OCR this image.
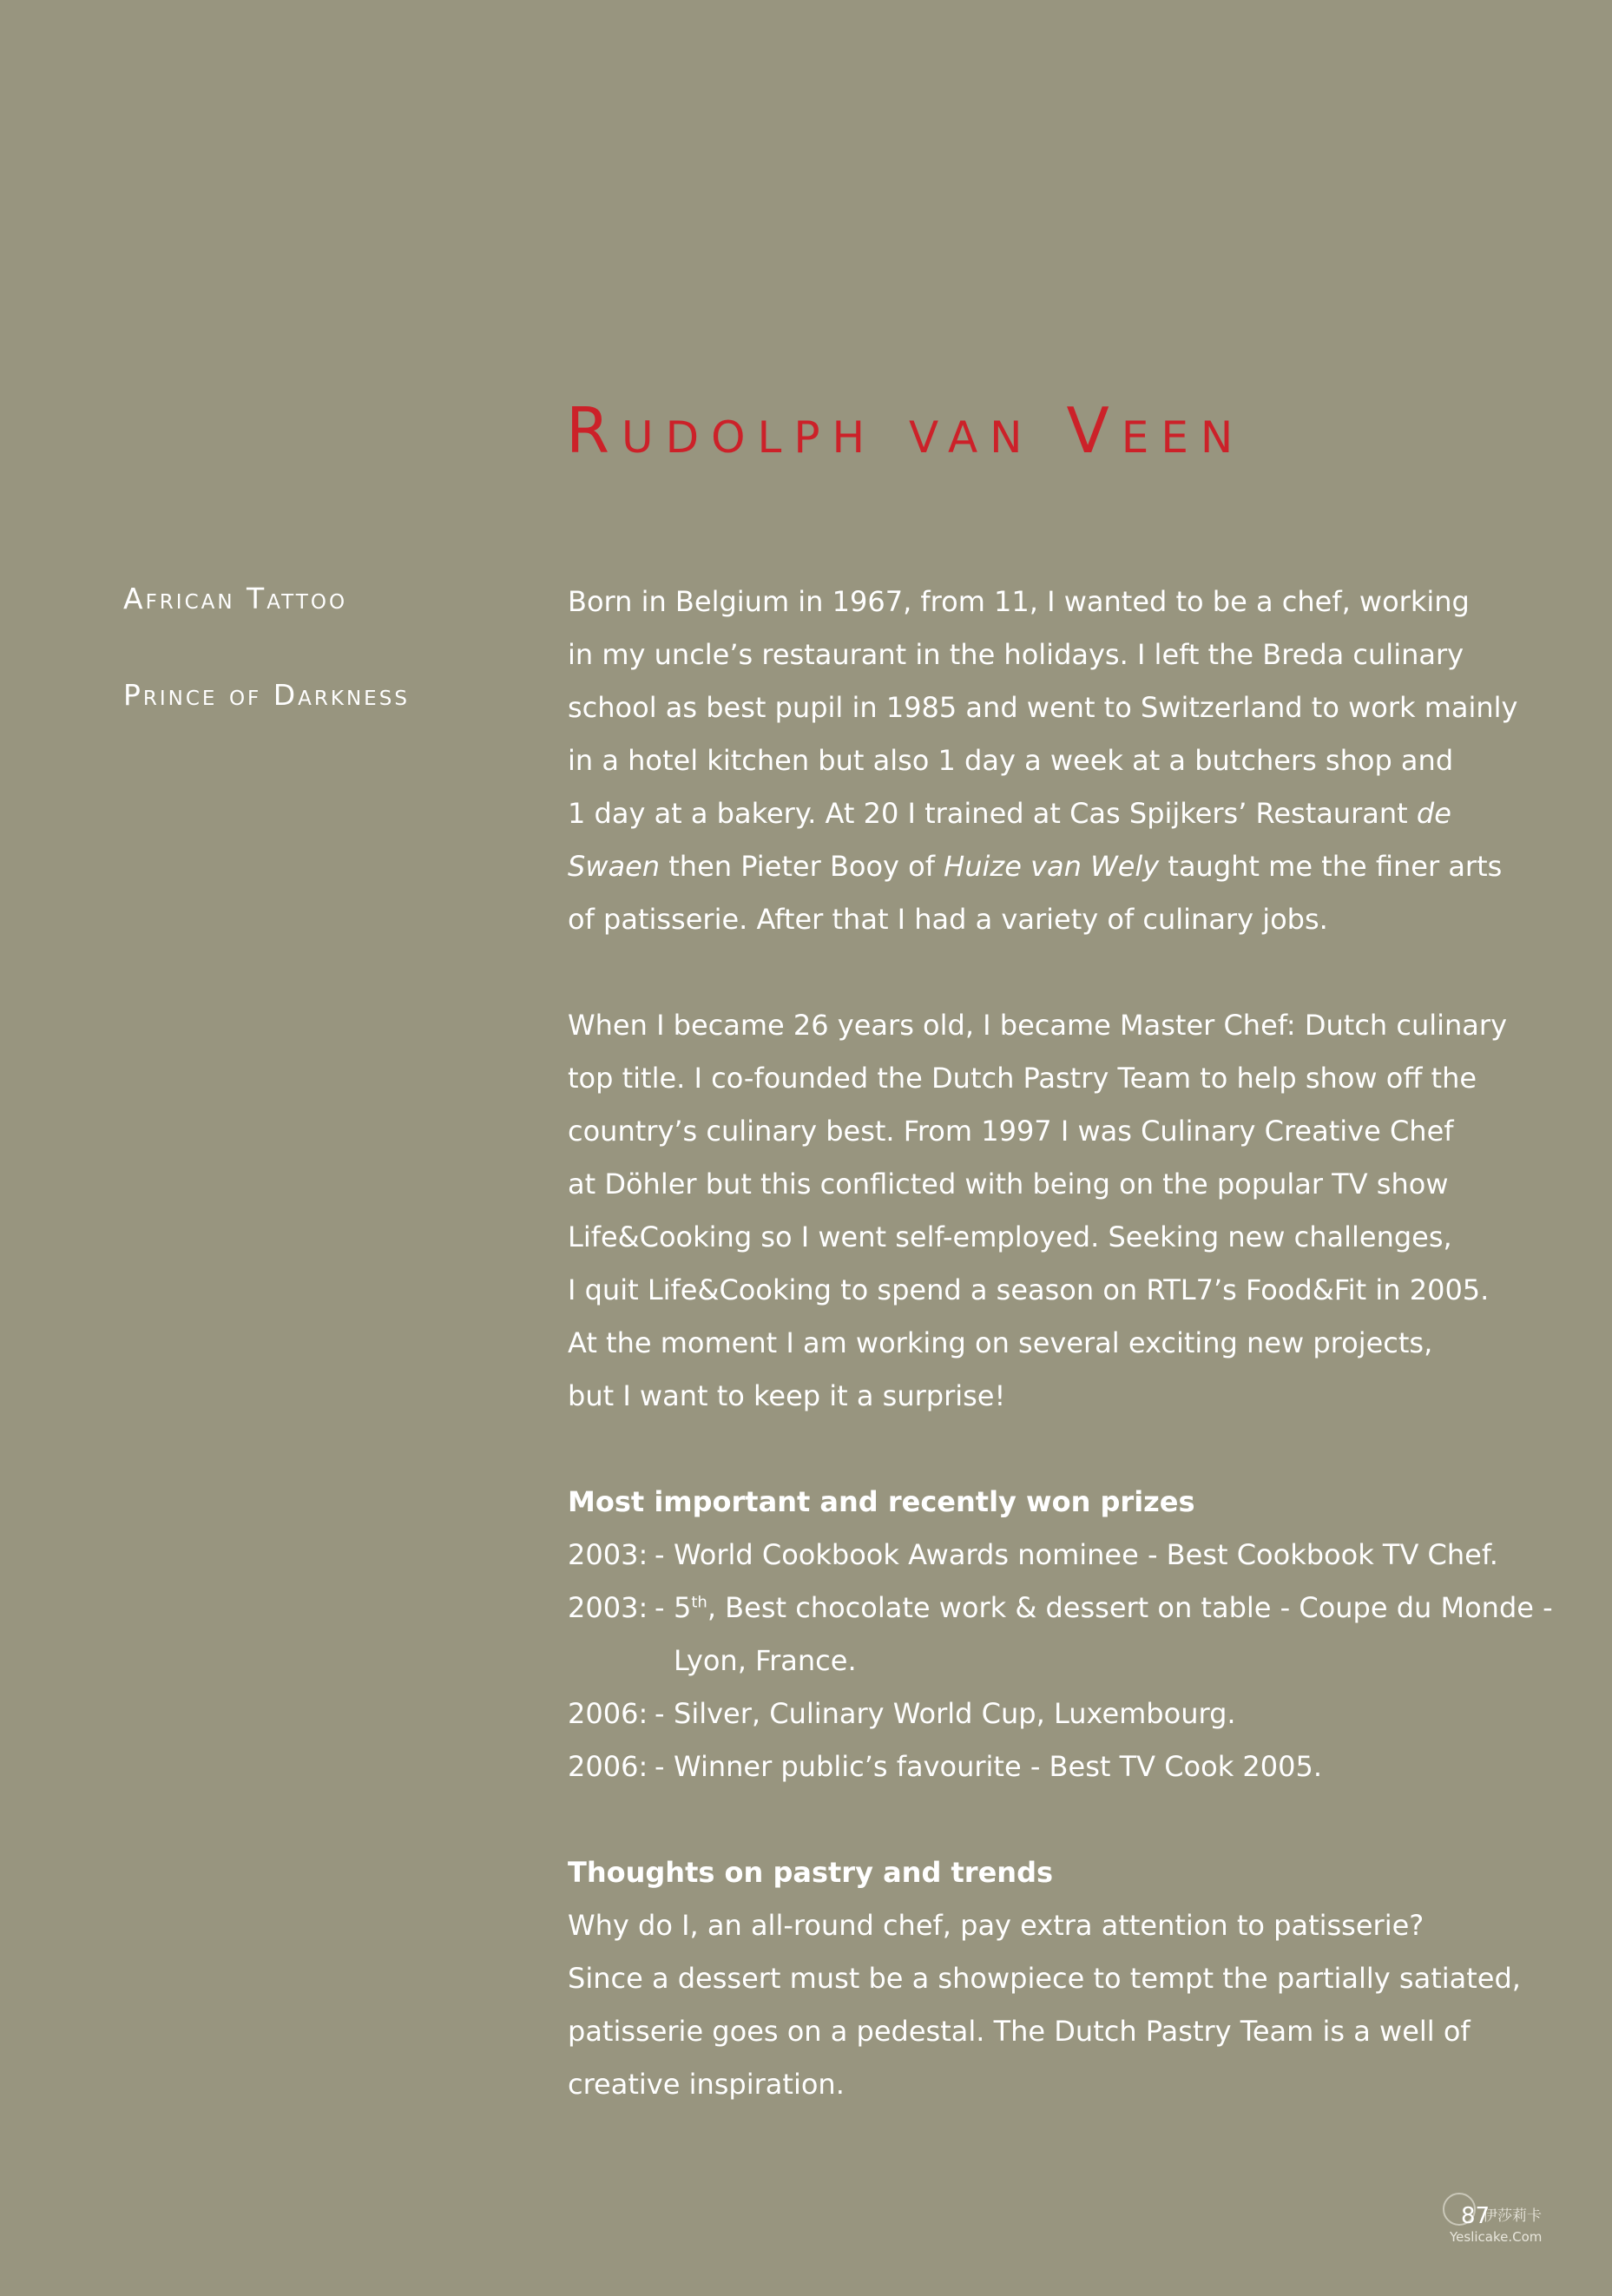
Rudolph van Veen
African Tattoo
Prince of Darkness
Born in Belgium in 1967, from 11, I wanted to be a chef, working
in my uncle’s restaurant in the holidays. I left the Breda culinary
school as best pupil in 1985 and went to Switzerland to work mainly
in a hotel kitchen but also 1 day a week at a butchers shop and
1 day at a bakery. At 20 I trained at Cas Spijkers’ Restaurant de
Swaen then Pieter Booy of Huize van Wely taught me the finer arts
of patisserie. After that I had a variety of culinary jobs.
When I became 26 years old, I became Master Chef: Dutch culinary
top title. I co-founded the Dutch Pastry Team to help show off the
country’s culinary best. From 1997 I was Culinary Creative Chef
at Döhler but this conflicted with being on the popular TV show
Life&Cooking so I went self-employed. Seeking new challenges,
I quit Life&Cooking to spend a season on RTL7’s Food&Fit in 2005.
At the moment I am working on several exciting new projects,
but I want to keep it a surprise!
Most important and recently won prizes
2003: - World Cookbook Awards nominee - Best Cookbook TV Chef.
2003: - 5th, Best chocolate work & dessert on table - Coupe du Monde -
Lyon, France.
2006: - Silver, Culinary World Cup, Luxembourg.
2006: - Winner public’s favourite - Best TV Cook 2005.
Thoughts on pastry and trends
Why do I, an all-round chef, pay extra attention to patisserie?
Since a dessert must be a showpiece to tempt the partially satiated,
patisserie goes on a pedestal. The Dutch Pastry Team is a well of
creative inspiration.
伊莎莉卡
Yeslicake.Com
87
